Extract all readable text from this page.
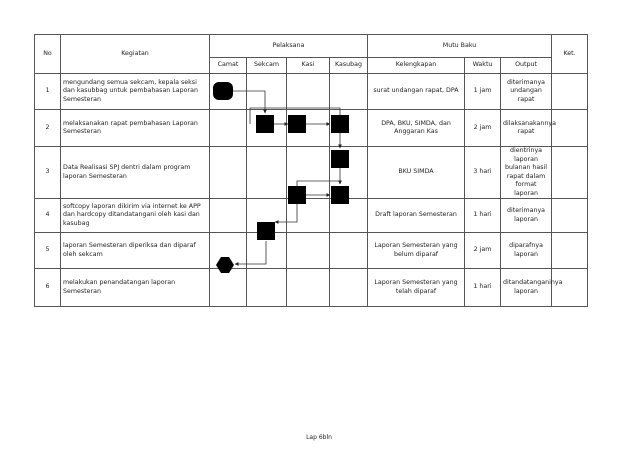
No	Kegiatan	Pelaksana				Mutu Baku			Ket.
		Camat	Sekcam	Kasi	Kasubag	Kelengkapan	Waktu	Output	
1	mengundang semua sekcam, kepala seksi dan kasubbag untuk pembahasan Laporan Semesteran					surat undangan rapat, DPA	1 jam	diterimanya undangan rapat	
2	melaksanakan rapat pembahasan Laporan Semesteran					DPA, BKU, SIMDA, dan Anggaran Kas	2 jam	dilaksanakannya rapat	
3	Data Realisasi SPJ dentri dalam program laporan Semesteran					BKU SIMDA	3 hari	dientrinya laporan bulanan hasil rapat dalam format laporan	
4	softcopy laporan dikirim via internet ke APP dan hardcopy ditandatangani oleh kasi dan kasubag					Draft laporan Semesteran	1 hari	diterimanya laporan	
5	laporan Semesteran diperiksa dan diparaf oleh sekcam					Laporan Semesteran yang belum diparaf	2 jam	diparafnya laporan	
6	melakukan penandatangan laporan Semesteran					Laporan Semesteran yang telah diparaf	1 hari	ditandatanganinya laporan	
Lap 6bln
